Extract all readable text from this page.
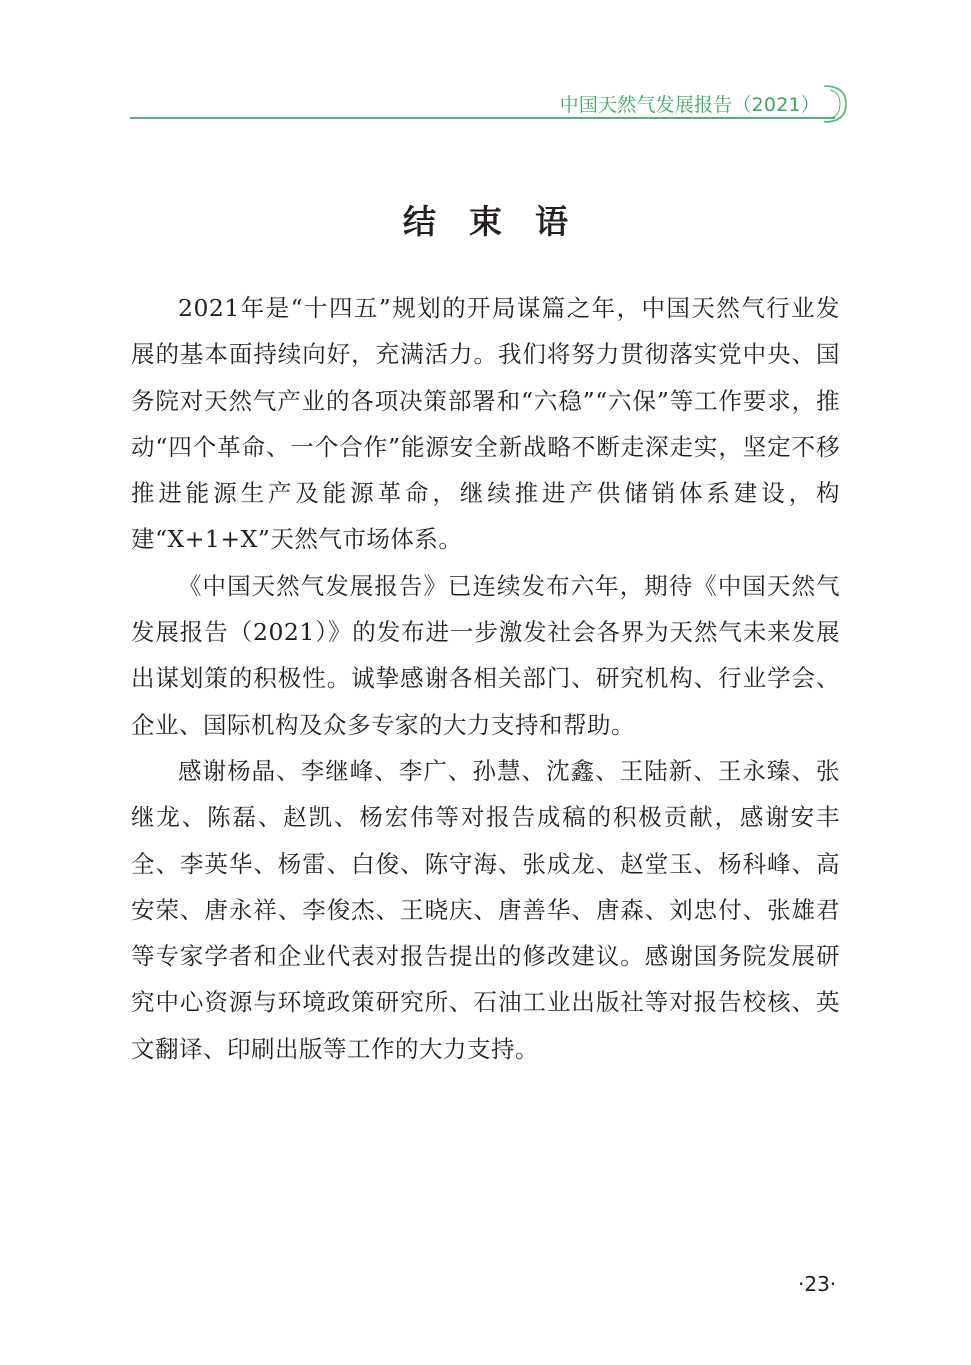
中国天然气发展报告（2021）
结束语

2021年是“十四五”规划的开局谋篇之年，中国天然气行业发展的基本面持续向好，充满活力。我们将努力贯彻落实党中央、国务院对天然气产业的各项决策部署和“六稳”“六保”等工作要求，推动“四个革命、一个合作”能源安全新战略不断走深走实，坚定不移推进能源生产及能源革命，继续推进产供储销体系建设，构建“X+1+X”天然气市场体系。

《中国天然气发展报告》已连续发布六年，期待《中国天然气发展报告（2021）》的发布进一步激发社会各界为天然气未来发展出谋划策的积极性。诚挚感谢各相关部门、研究机构、行业学会、企业、国际机构及众多专家的大力支持和帮助。

感谢杨晶、李继峰、李广、孙慧、沈鑫、王陆新、王永臻、张继龙、陈磊、赵凯、杨宏伟等对报告成稿的积极贡献，感谢安丰全、李英华、杨雷、白俊、陈守海、张成龙、赵堂玉、杨科峰、高安荣、唐永祥、李俊杰、王晓庆、唐善华、唐森、刘忠付、张雄君等专家学者和企业代表对报告提出的修改建议。感谢国务院发展研究中心资源与环境政策研究所、石油工业出版社等对报告校核、英文翻译、印刷出版等工作的大力支持。

·23·
